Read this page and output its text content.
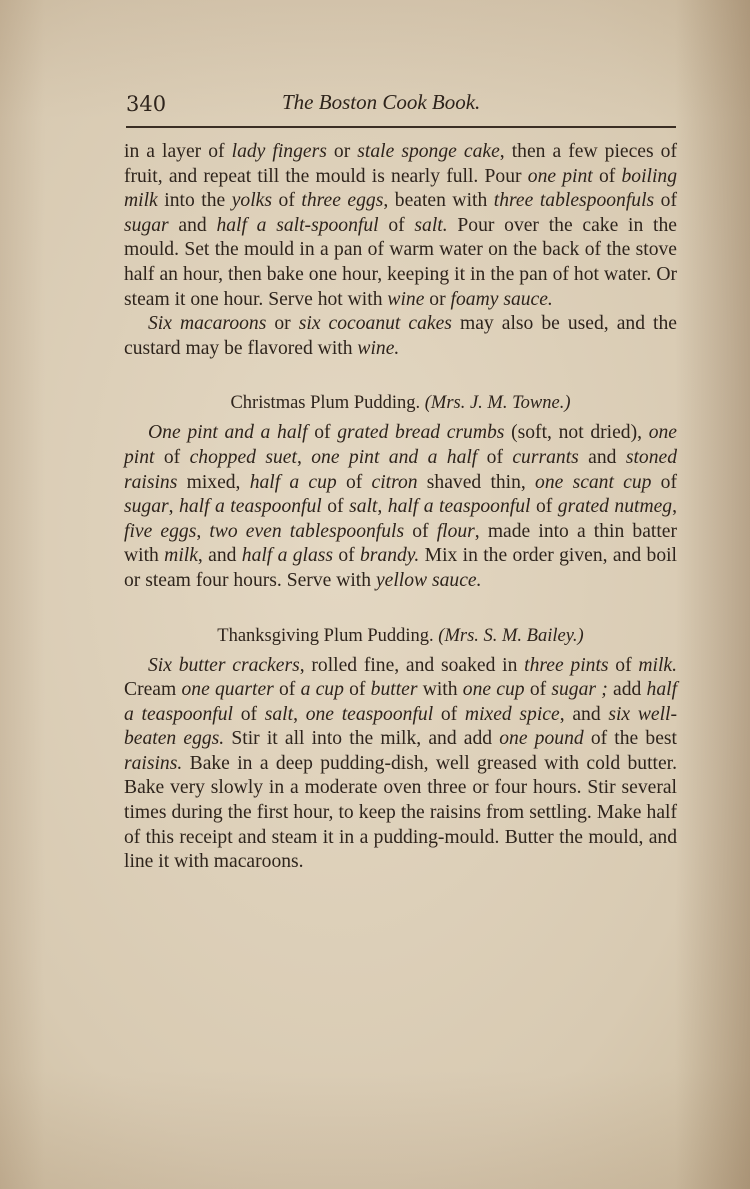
340	The Boston Cook Book.

in a layer of lady fingers or stale sponge cake, then a few pieces of fruit, and repeat till the mould is nearly full. Pour one pint of boiling milk into the yolks of three eggs, beaten with three tablespoonfuls of sugar and half a salt-spoonful of salt. Pour over the cake in the mould. Set the mould in a pan of warm water on the back of the stove half an hour, then bake one hour, keeping it in the pan of hot water. Or steam it one hour. Serve hot with wine or foamy sauce.

Six macaroons or six cocoanut cakes may also be used, and the custard may be flavored with wine.

Christmas Plum Pudding. (Mrs. J. M. Towne.)

One pint and a half of grated bread crumbs (soft, not dried), one pint of chopped suet, one pint and a half of currants and stoned raisins mixed, half a cup of citron shaved thin, one scant cup of sugar, half a teaspoonful of salt, half a teaspoonful of grated nutmeg, five eggs, two even tablespoonfuls of flour, made into a thin batter with milk, and half a glass of brandy. Mix in the order given, and boil or steam four hours. Serve with yellow sauce.

Thanksgiving Plum Pudding. (Mrs. S. M. Bailey.)

Six butter crackers, rolled fine, and soaked in three pints of milk. Cream one quarter of a cup of butter with one cup of sugar ; add half a teaspoonful of salt, one teaspoonful of mixed spice, and six well-beaten eggs. Stir it all into the milk, and add one pound of the best raisins. Bake in a deep pudding-dish, well greased with cold butter. Bake very slowly in a moderate oven three or four hours. Stir several times during the first hour, to keep the raisins from settling. Make half of this receipt and steam it in a pudding-mould. Butter the mould, and line it with macaroons.
